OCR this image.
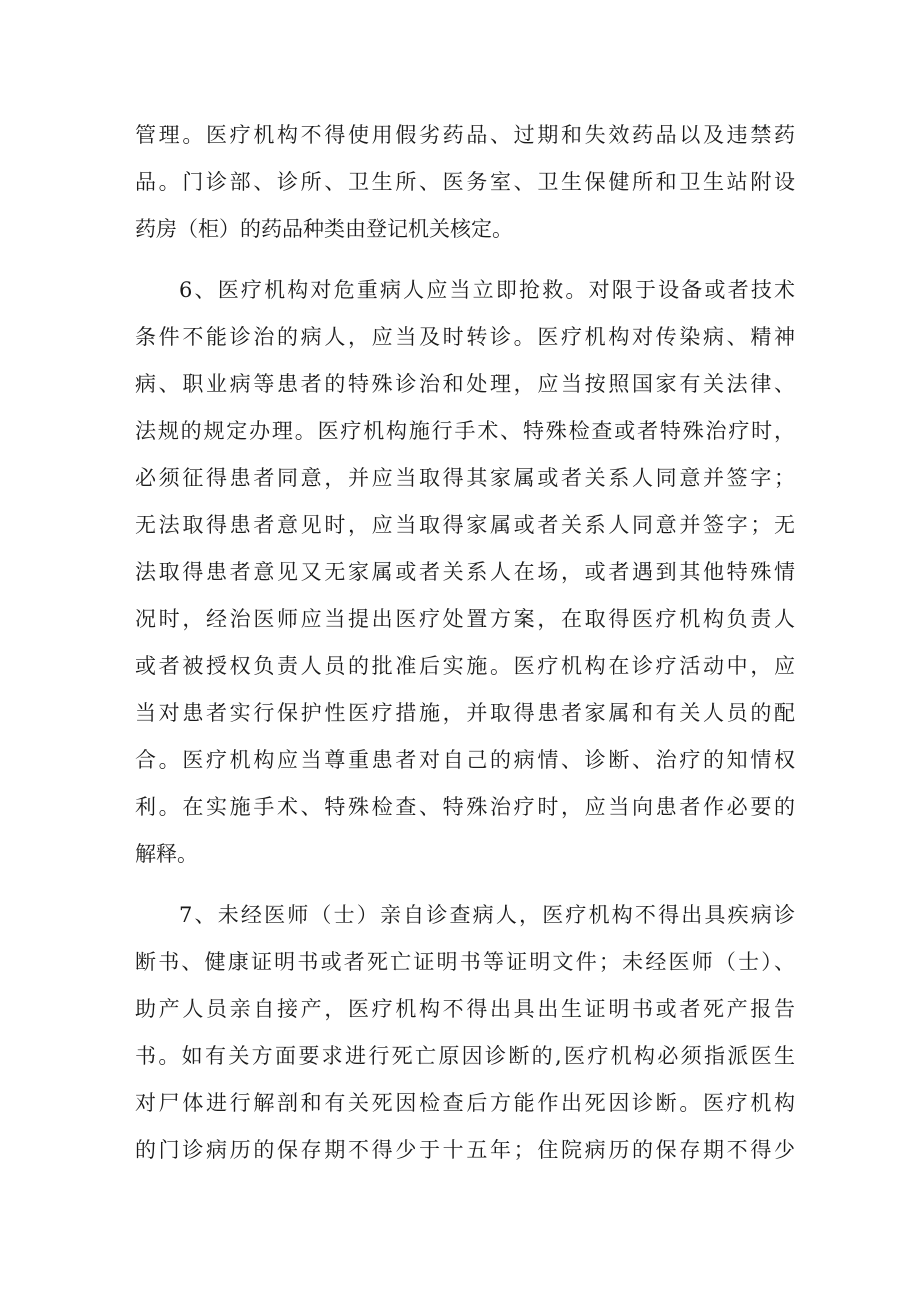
管理。医疗机构不得使用假劣药品、过期和失效药品以及违禁药
品。门诊部、诊所、卫生所、医务室、卫生保健所和卫生站附设
药房（柜）的药品种类由登记机关核定。
6、医疗机构对危重病人应当立即抢救。对限于设备或者技术
条件不能诊治的病人，应当及时转诊。医疗机构对传染病、精神
病、职业病等患者的特殊诊治和处理，应当按照国家有关法律、
法规的规定办理。医疗机构施行手术、特殊检查或者特殊治疗时，
必须征得患者同意，并应当取得其家属或者关系人同意并签字；
无法取得患者意见时，应当取得家属或者关系人同意并签字；无
法取得患者意见又无家属或者关系人在场，或者遇到其他特殊情
况时，经治医师应当提出医疗处置方案，在取得医疗机构负责人
或者被授权负责人员的批准后实施。医疗机构在诊疗活动中，应
当对患者实行保护性医疗措施，并取得患者家属和有关人员的配
合。医疗机构应当尊重患者对自己的病情、诊断、治疗的知情权
利。在实施手术、特殊检查、特殊治疗时，应当向患者作必要的
解释。
7、未经医师（士）亲自诊查病人，医疗机构不得出具疾病诊
断书、健康证明书或者死亡证明书等证明文件；未经医师（士）、
助产人员亲自接产，医疗机构不得出具出生证明书或者死产报告
书。如有关方面要求进行死亡原因诊断的,医疗机构必须指派医生
对尸体进行解剖和有关死因检查后方能作出死因诊断。医疗机构
的门诊病历的保存期不得少于十五年；住院病历的保存期不得少
